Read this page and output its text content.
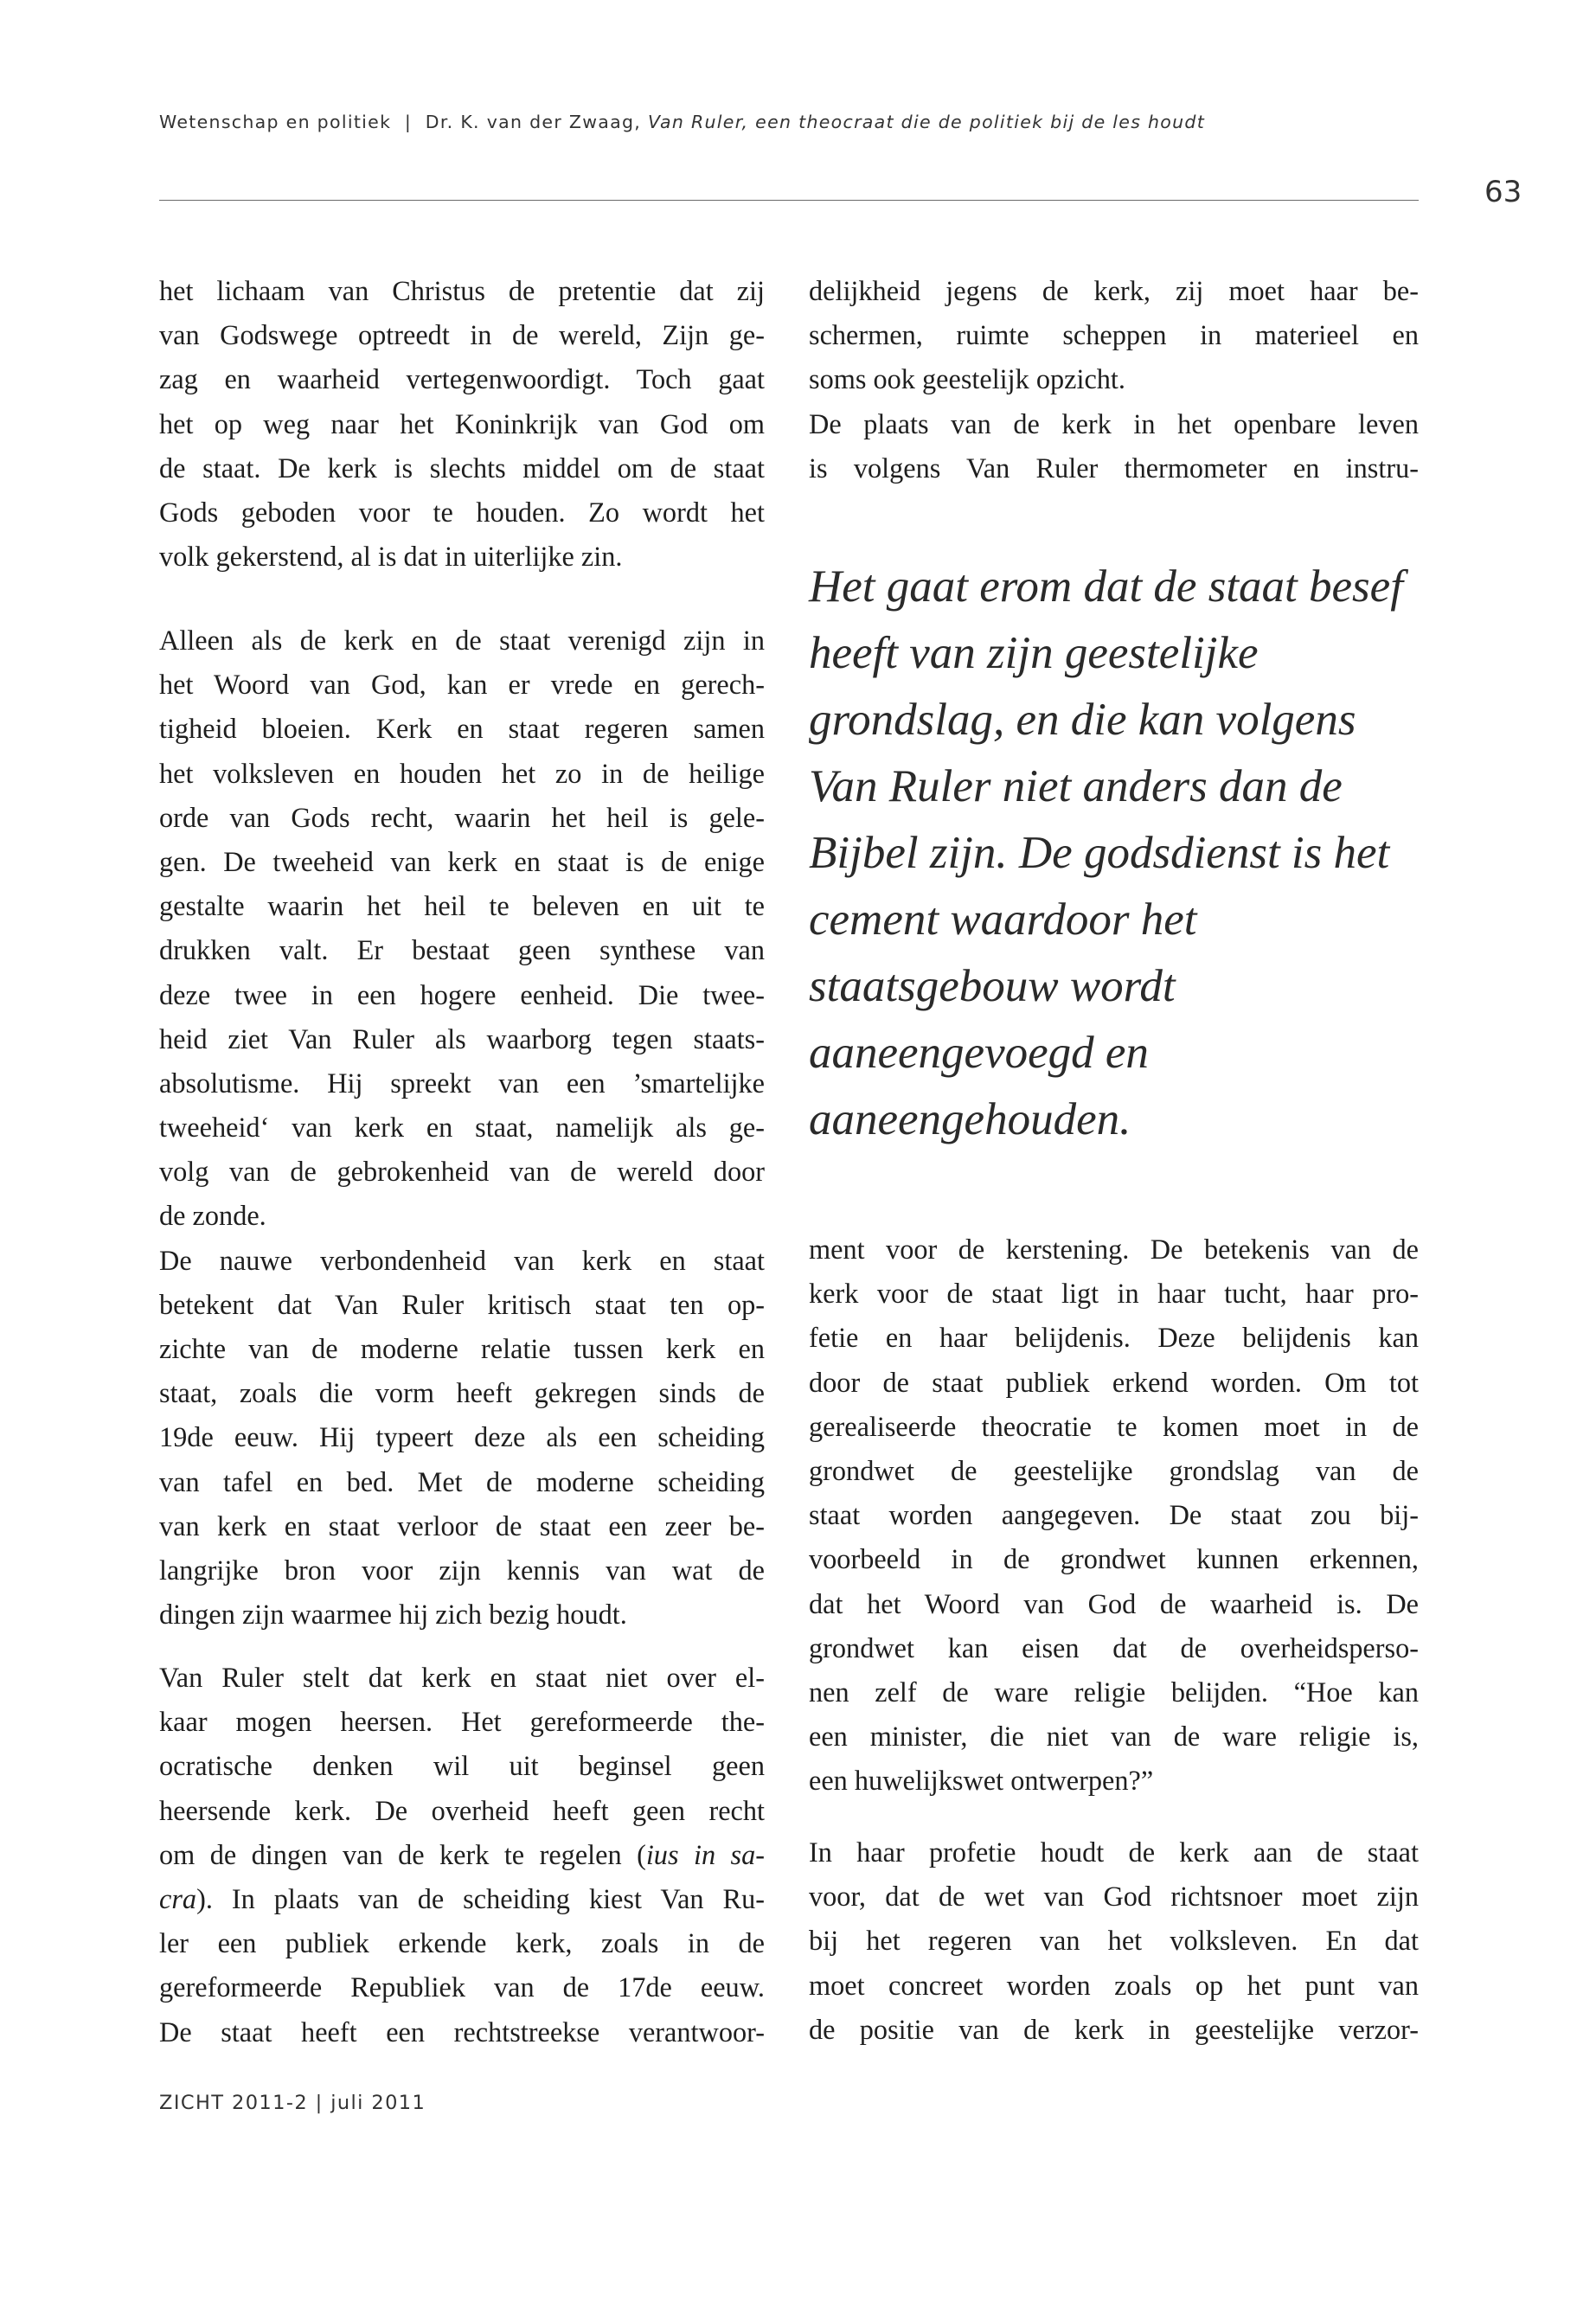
Wetenschap en politiek | Dr. K. van der Zwaag, Van Ruler, een theocraat die de politiek bij de les houdt
63
het lichaam van Christus de pretentie dat zij
van Godswege optreedt in de wereld, Zijn ge-
zag en waarheid vertegenwoordigt. Toch gaat
het op weg naar het Koninkrijk van God om
de staat. De kerk is slechts middel om de staat
Gods geboden voor te houden. Zo wordt het
volk gekerstend, al is dat in uiterlijke zin.
Alleen als de kerk en de staat verenigd zijn in
het Woord van God, kan er vrede en gerech-
tigheid bloeien. Kerk en staat regeren samen
het volksleven en houden het zo in de heilige
orde van Gods recht, waarin het heil is gele-
gen. De tweeheid van kerk en staat is de enige
gestalte waarin het heil te beleven en uit te
drukken valt. Er bestaat geen synthese van
deze twee in een hogere eenheid. Die twee-
heid ziet Van Ruler als waarborg tegen staats-
absolutisme. Hij spreekt van een ’smartelijke
tweeheid‘ van kerk en staat, namelijk als ge-
volg van de gebrokenheid van de wereld door
de zonde.
De nauwe verbondenheid van kerk en staat
betekent dat Van Ruler kritisch staat ten op-
zichte van de moderne relatie tussen kerk en
staat, zoals die vorm heeft gekregen sinds de
19de eeuw. Hij typeert deze als een scheiding
van tafel en bed. Met de moderne scheiding
van kerk en staat verloor de staat een zeer be-
langrijke bron voor zijn kennis van wat de
dingen zijn waarmee hij zich bezig houdt.
Van Ruler stelt dat kerk en staat niet over el-
kaar mogen heersen. Het gereformeerde the-
ocratische denken wil uit beginsel geen
heersende kerk. De overheid heeft geen recht
om de dingen van de kerk te regelen (ius in sa-
cra). In plaats van de scheiding kiest Van Ru-
ler een publiek erkende kerk, zoals in de
gereformeerde Republiek van de 17de eeuw.
De staat heeft een rechtstreekse verantwoor-
delijkheid jegens de kerk, zij moet haar be-
schermen, ruimte scheppen in materieel en
soms ook geestelijk opzicht.
De plaats van de kerk in het openbare leven
is volgens Van Ruler thermometer en instru-
Het gaat erom dat de staat besef
heeft van zijn geestelijke
grondslag, en die kan volgens
Van Ruler niet anders dan de
Bijbel zijn. De godsdienst is het
cement waardoor het
staatsgebouw wordt
aaneengevoegd en
aaneengehouden.
ment voor de kerstening. De betekenis van de
kerk voor de staat ligt in haar tucht, haar pro-
fetie en haar belijdenis. Deze belijdenis kan
door de staat publiek erkend worden. Om tot
gerealiseerde theocratie te komen moet in de
grondwet de geestelijke grondslag van de
staat worden aangegeven. De staat zou bij-
voorbeeld in de grondwet kunnen erkennen,
dat het Woord van God de waarheid is. De
grondwet kan eisen dat de overheidsperso-
nen zelf de ware religie belijden. “Hoe kan
een minister, die niet van de ware religie is,
een huwelijkswet ontwerpen?”
In haar profetie houdt de kerk aan de staat
voor, dat de wet van God richtsnoer moet zijn
bij het regeren van het volksleven. En dat
moet concreet worden zoals op het punt van
de positie van de kerk in geestelijke verzor-
ZICHT 2011-2 | juli 2011
